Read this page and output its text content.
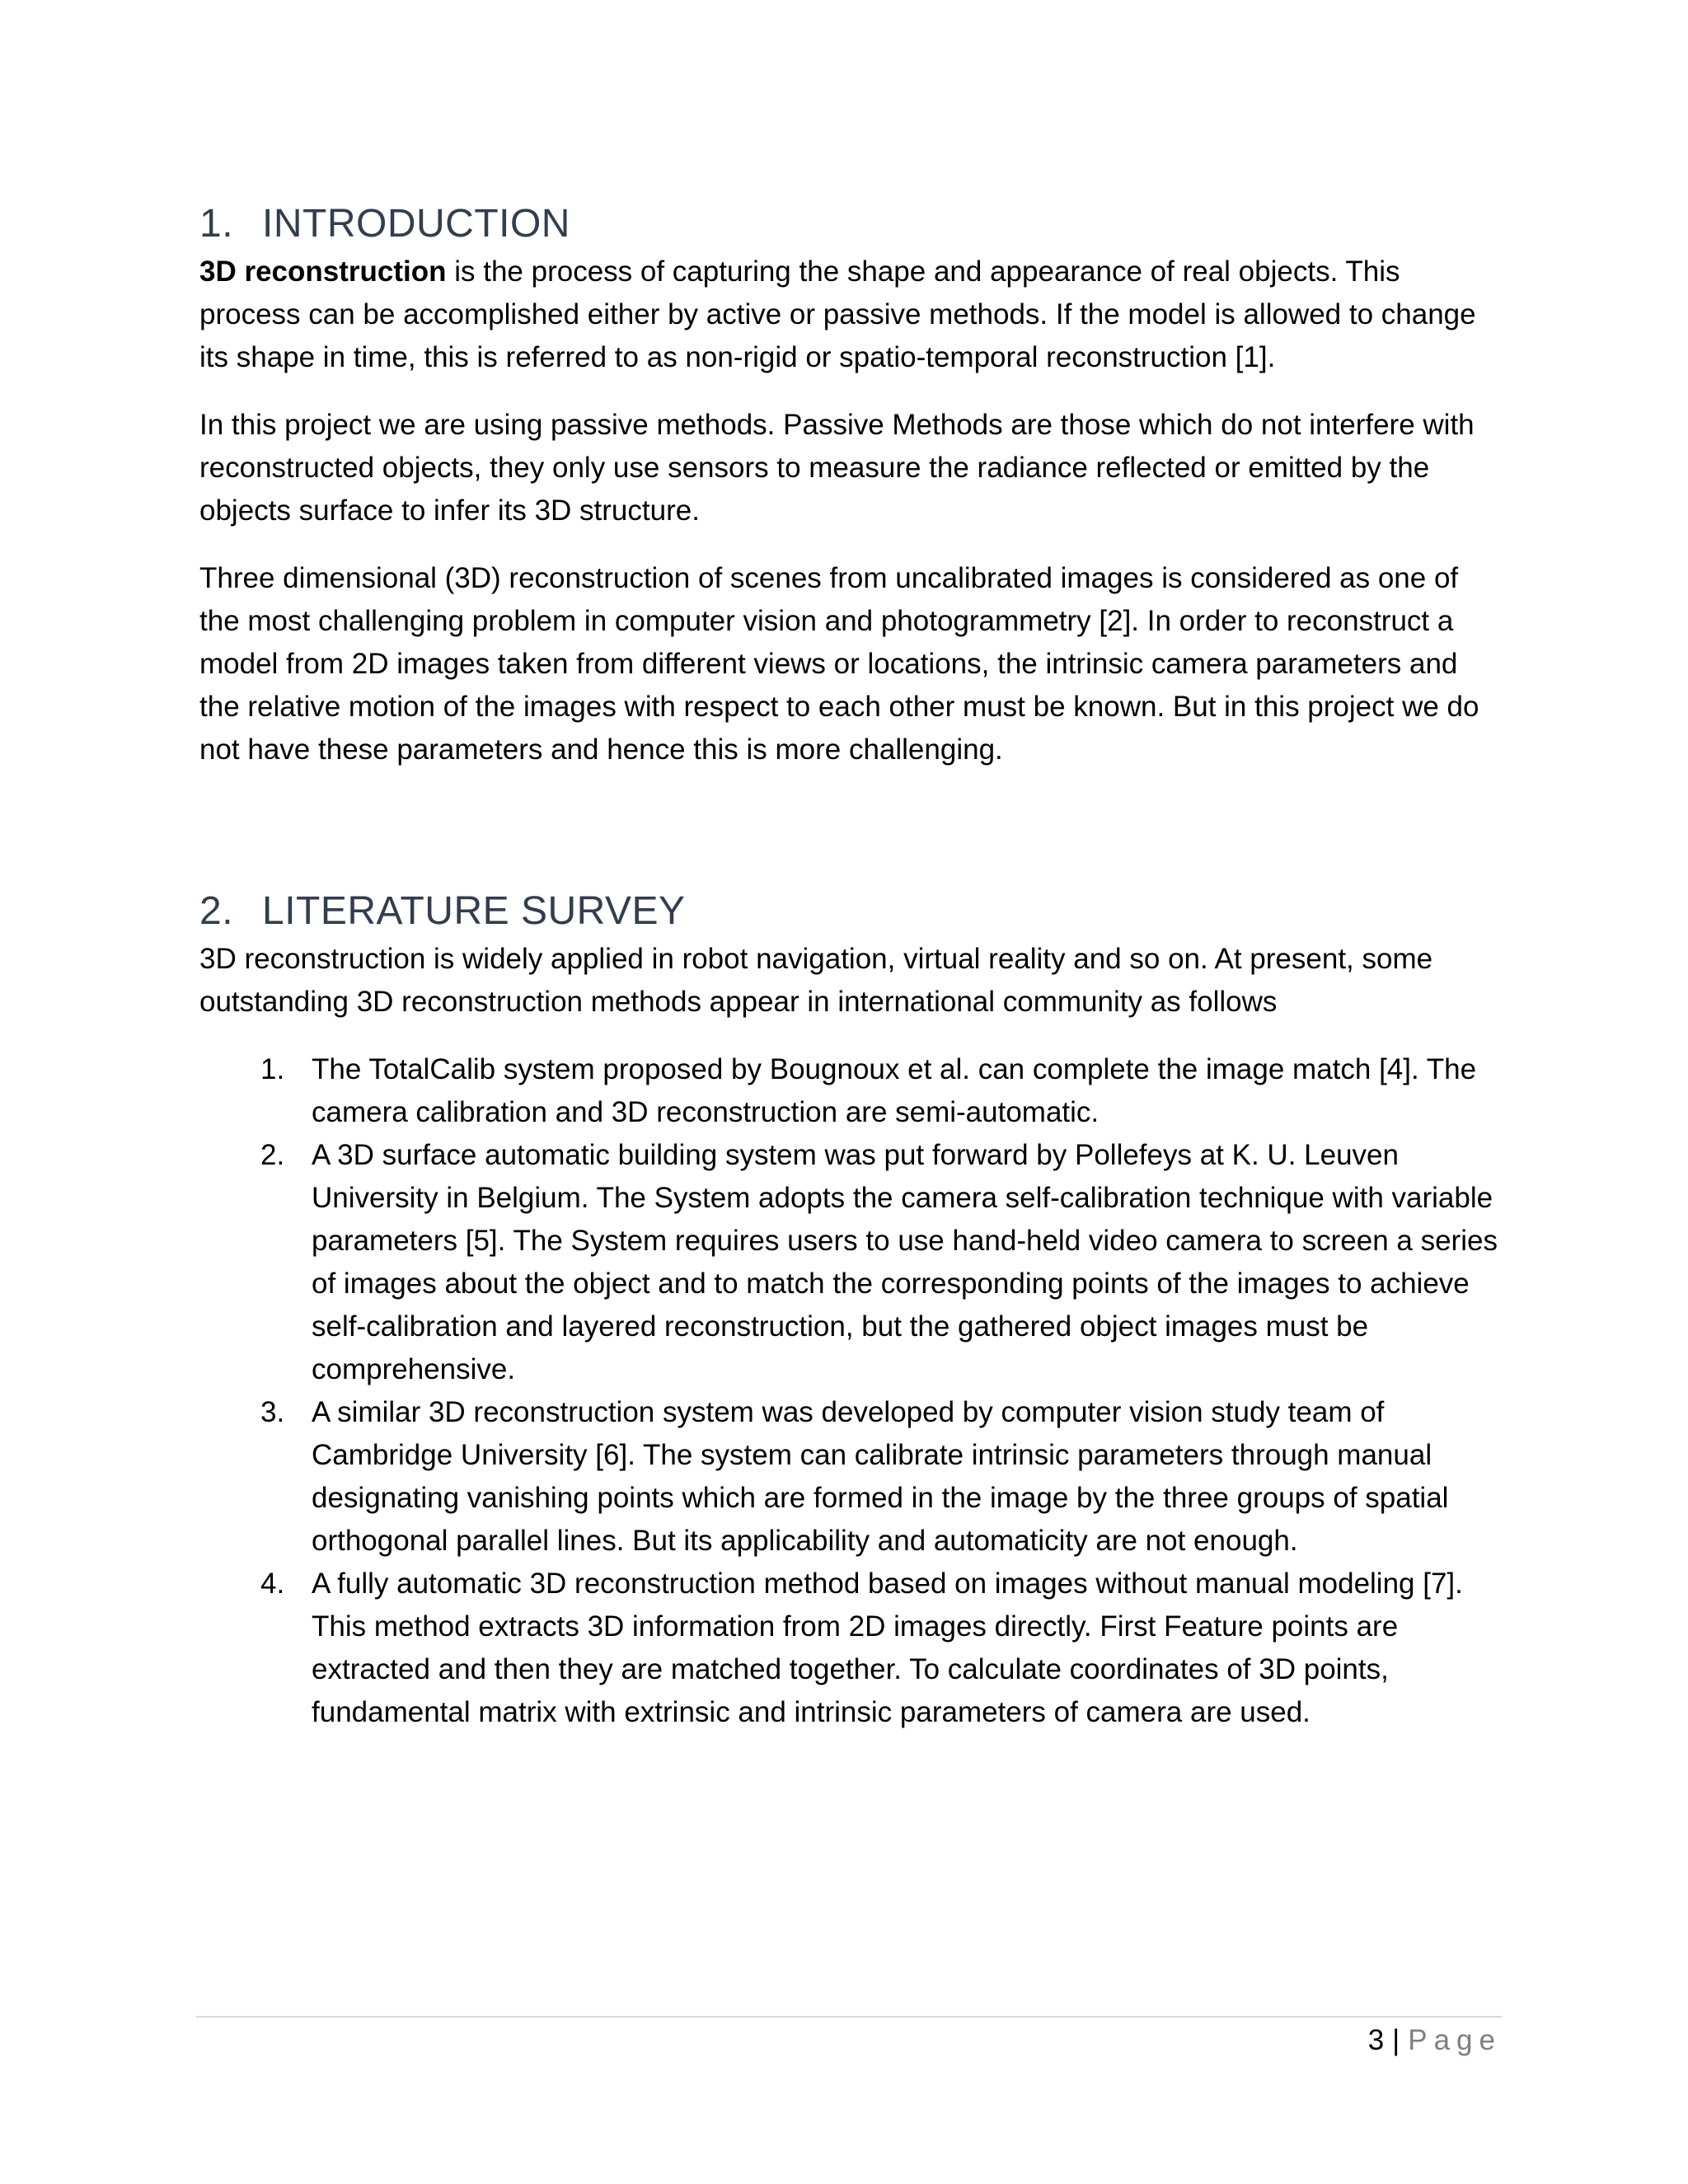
1. INTRODUCTION

3D reconstruction is the process of capturing the shape and appearance of real objects. This process can be accomplished either by active or passive methods. If the model is allowed to change its shape in time, this is referred to as non-rigid or spatio-temporal reconstruction [1].

In this project we are using passive methods. Passive Methods are those which do not interfere with reconstructed objects, they only use sensors to measure the radiance reflected or emitted by the objects surface to infer its 3D structure.

Three dimensional (3D) reconstruction of scenes from uncalibrated images is considered as one of the most challenging problem in computer vision and photogrammetry [2]. In order to reconstruct a model from 2D images taken from different views or locations, the intrinsic camera parameters and the relative motion of the images with respect to each other must be known. But in this project we do not have these parameters and hence this is more challenging.

2. LITERATURE SURVEY

3D reconstruction is widely applied in robot navigation, virtual reality and so on. At present, some outstanding 3D reconstruction methods appear in international community as follows

1. The TotalCalib system proposed by Bougnoux et al. can complete the image match [4]. The camera calibration and 3D reconstruction are semi-automatic.
2. A 3D surface automatic building system was put forward by Pollefeys at K. U. Leuven University in Belgium. The System adopts the camera self-calibration technique with variable parameters [5]. The System requires users to use hand-held video camera to screen a series of images about the object and to match the corresponding points of the images to achieve self-calibration and layered reconstruction, but the gathered object images must be comprehensive.
3. A similar 3D reconstruction system was developed by computer vision study team of Cambridge University [6]. The system can calibrate intrinsic parameters through manual designating vanishing points which are formed in the image by the three groups of spatial orthogonal parallel lines. But its applicability and automaticity are not enough.
4. A fully automatic 3D reconstruction method based on images without manual modeling [7]. This method extracts 3D information from 2D images directly. First Feature points are extracted and then they are matched together. To calculate coordinates of 3D points, fundamental matrix with extrinsic and intrinsic parameters of camera are used.
3 | Page
